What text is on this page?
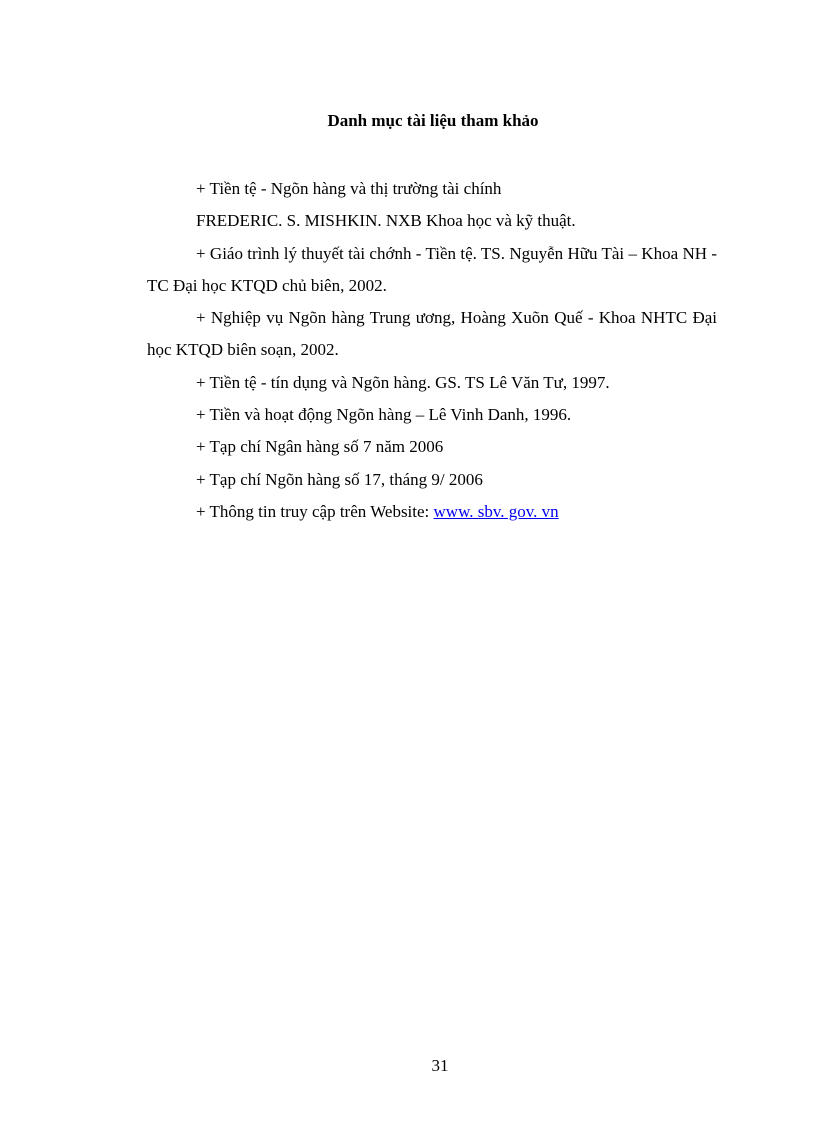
Danh mục tài liệu tham khảo

+ Tiền tệ - Ngõn hàng và thị trường tài chính

FREDERIC. S. MISHKIN. NXB Khoa học và kỹ thuật.

+ Giáo trình lý thuyết tài chớnh - Tiền tệ. TS. Nguyễn Hữu Tài – Khoa NH - TC Đại học KTQD chủ biên, 2002.

+ Nghiệp vụ Ngõn hàng Trung ương, Hoàng Xuõn Quế - Khoa NHTC Đại học KTQD biên soạn, 2002.

+ Tiền tệ - tín dụng và Ngõn hàng. GS. TS Lê Văn Tư, 1997.

+ Tiền và hoạt động Ngõn hàng – Lê Vinh Danh, 1996.

+ Tạp chí Ngân hàng số 7 năm 2006

+ Tạp chí Ngõn hàng số 17, tháng 9/ 2006

+ Thông tin truy cập trên Website: www. sbv. gov. vn

31
